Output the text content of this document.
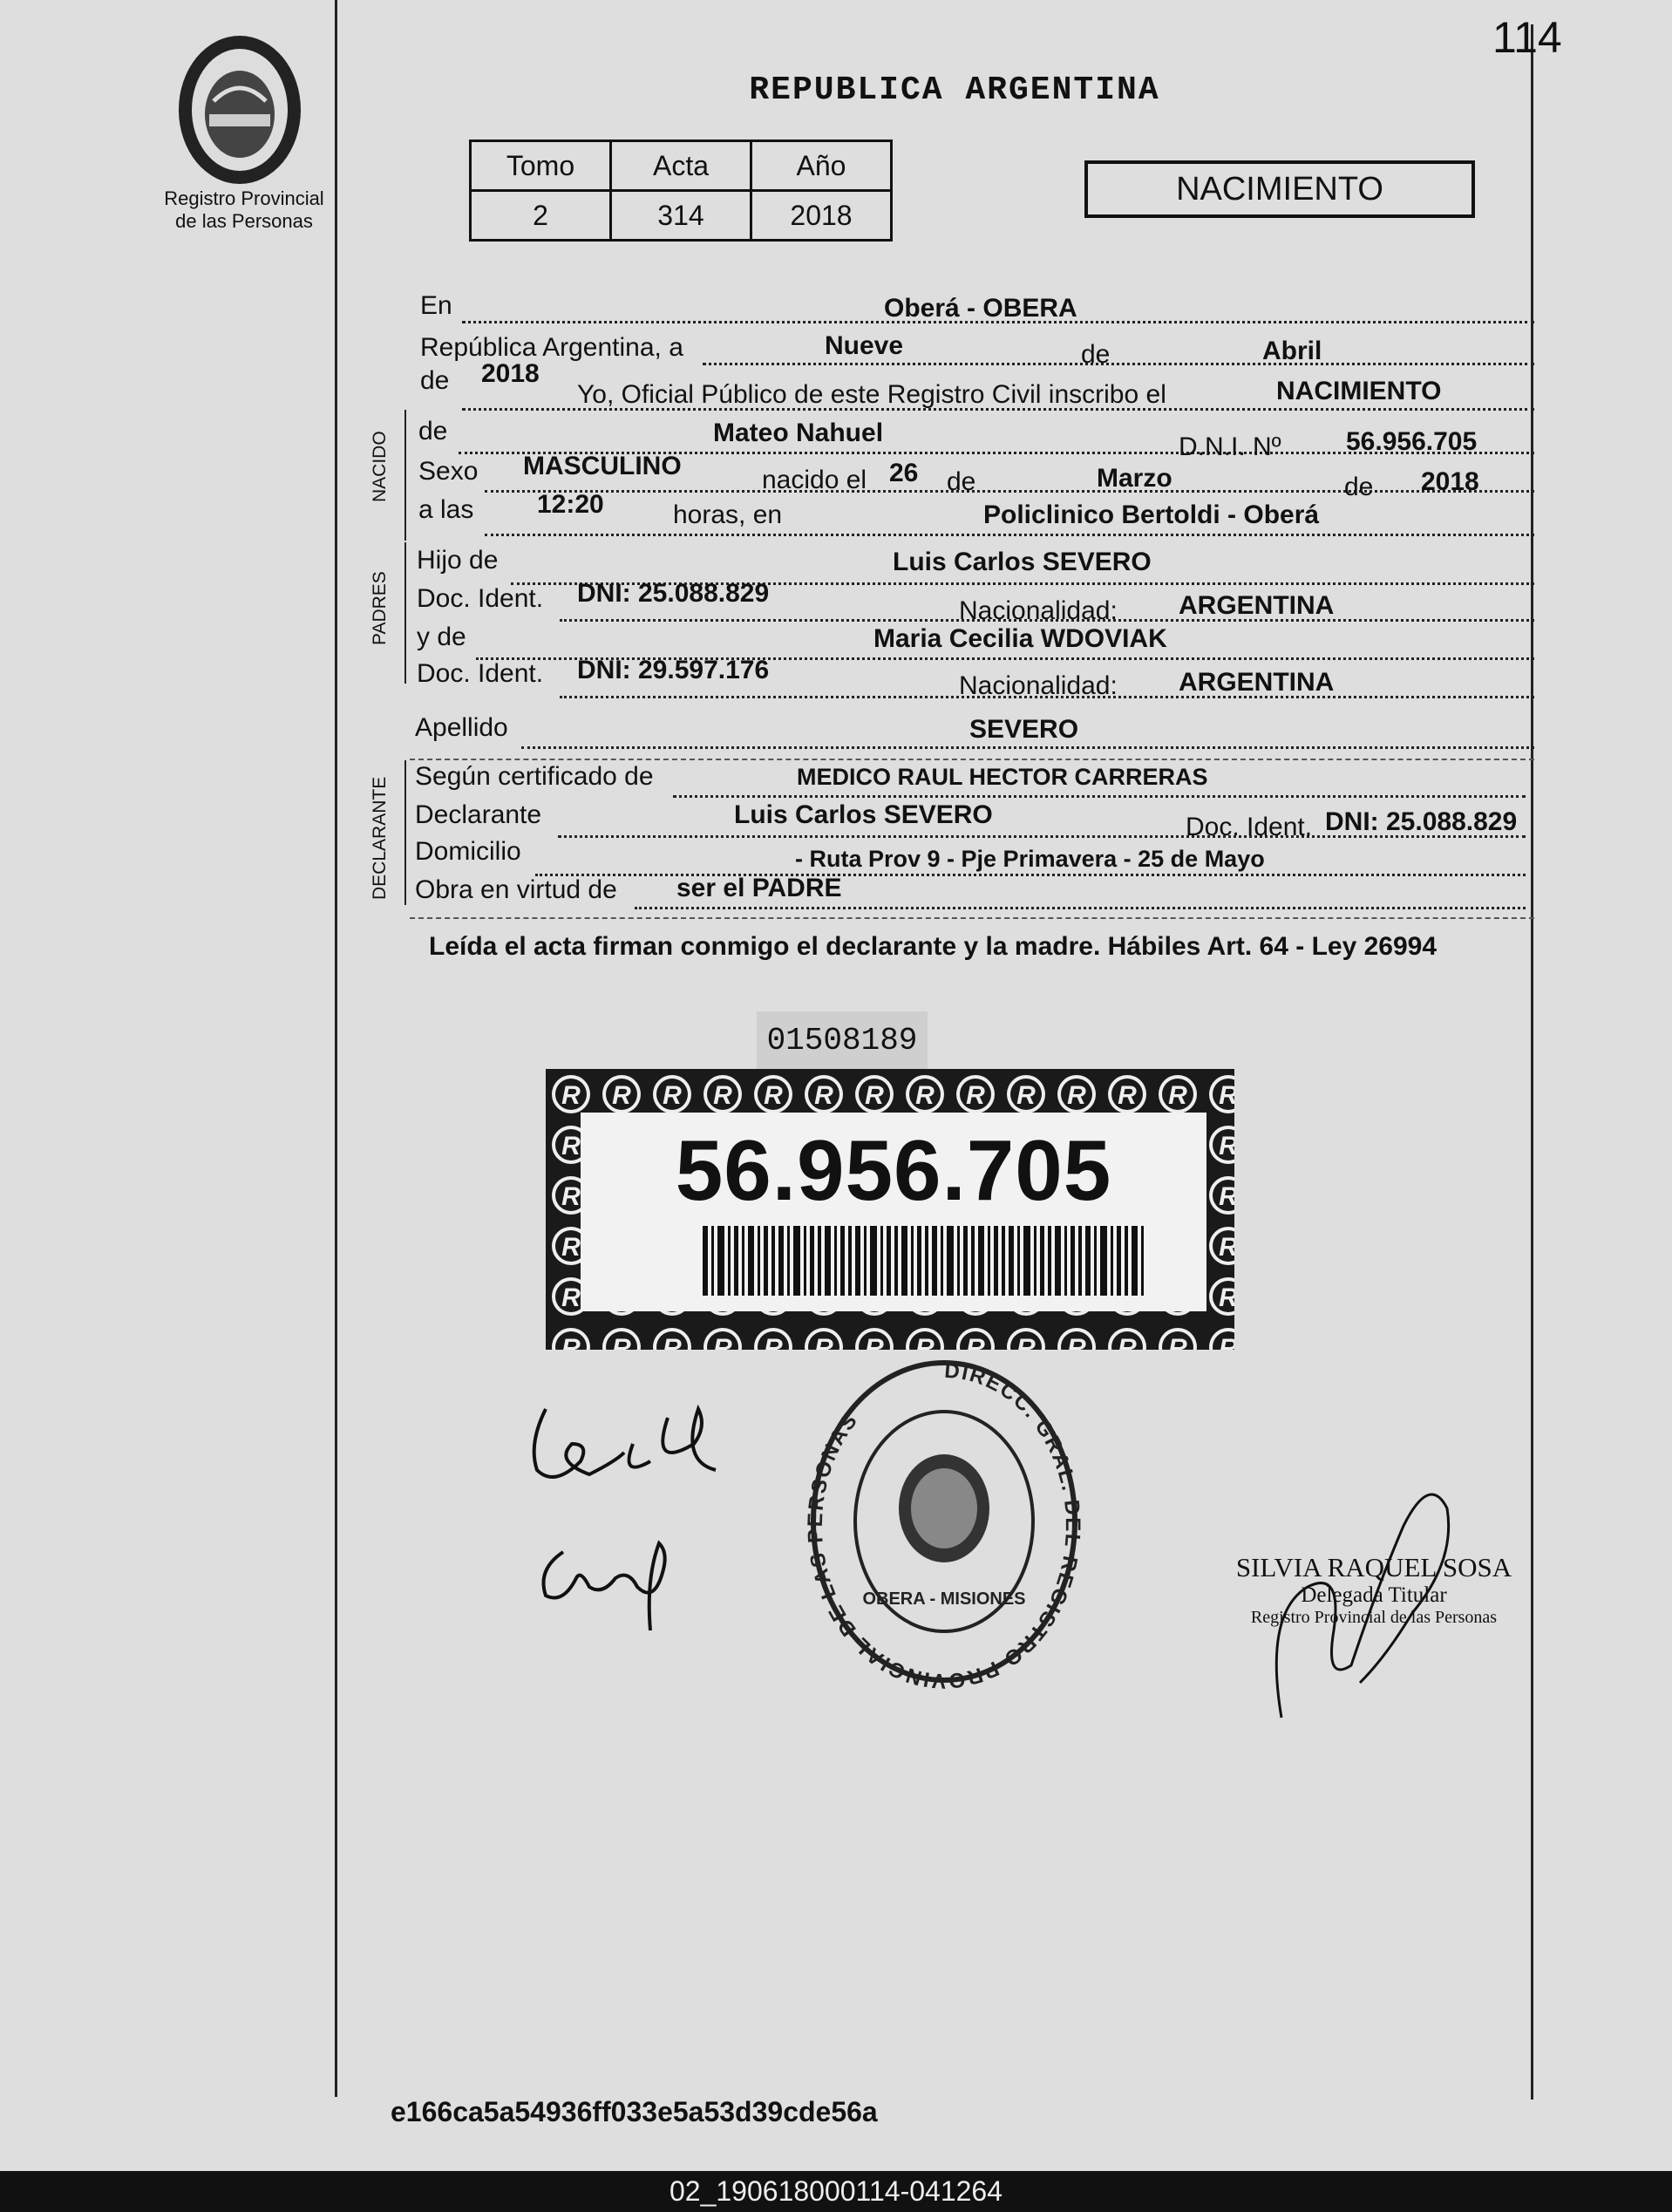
114
Registro Provincial
de las Personas
REPUBLICA ARGENTINA
Tomo	Acta	Año
2	314	2018
NACIMIENTO
En	Oberá - OBERA
República Argentina, a	Nueve	de	Abril
de 2018
Yo, Oficial Público de este Registro Civil inscribo el	NACIMIENTO
NACIDO de	Mateo Nahuel	D.N.I. Nº 56.956.705
Sexo MASCULINO	nacido el 26 de	Marzo	de 2018
a las 12:20	horas, en	Policlinico Bertoldi - Oberá
PADRES
Hijo de	Luis Carlos SEVERO
Doc. Ident. DNI: 25.088.829
Nacionalidad: ARGENTINA
y de	Maria Cecilia WDOVIAK
Doc. Ident. DNI: 29.597.176
Nacionalidad: ARGENTINA
Apellido	SEVERO
DECLARANTE
Según certificado de	MEDICO RAUL HECTOR CARRERAS
Declarante	Luis Carlos SEVERO	Doc. Ident. DNI: 25.088.829
Domicilio	- Ruta Prov 9 - Pje Primavera - 25 de Mayo
Obra en virtud de ser el PADRE
Leída el acta firman conmigo el declarante y la madre. Hábiles Art. 64 - Ley 26994
01508189
56.956.705
DIRECC. GRAL. DEL REGISTRO PROVINCIAL DE LAS PERSONAS
OBERA - MISIONES
SILVIA RAQUEL SOSA
Delegada Titular
Registro Provincial de las Personas
e166ca5a54936ff033e5a53d39cde56a
02_190618000114-041264
